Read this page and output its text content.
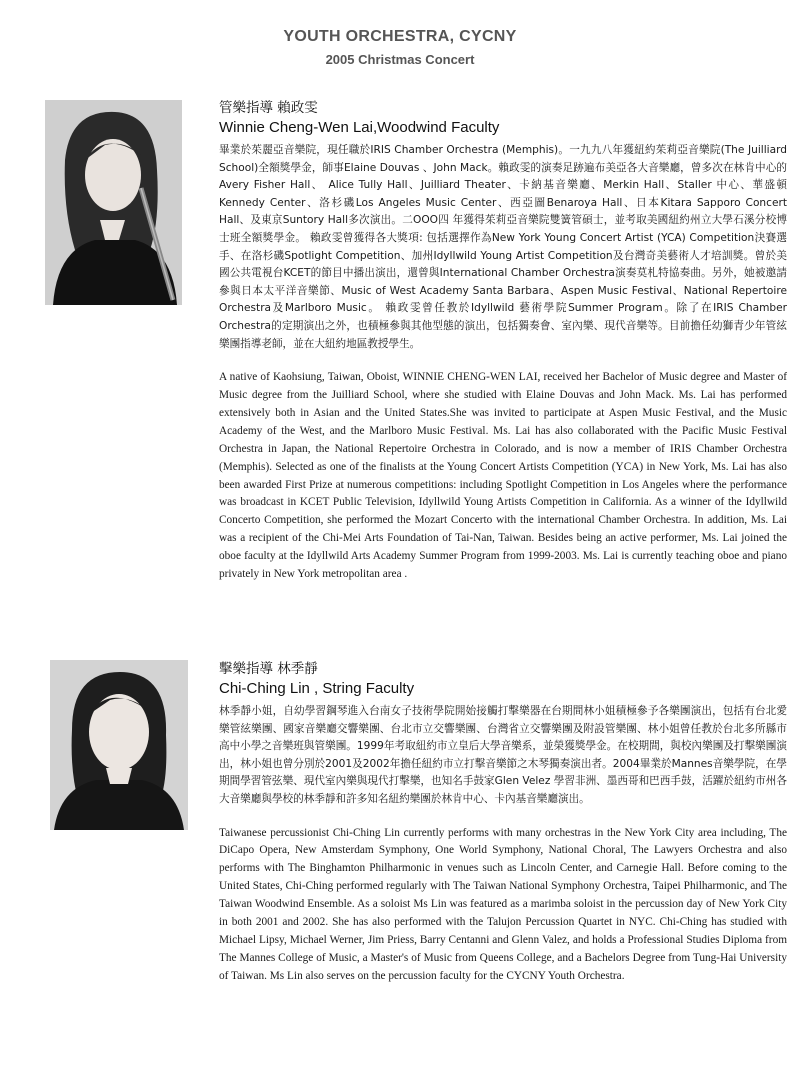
YOUTH ORCHESTRA, CYCNY
2005 Christmas Concert
管樂指導 賴政雯
Winnie Cheng-Wen Lai,Woodwind Faculty
畢業於茱麗亞音樂院，現任職於IRIS Chamber Orchestra (Memphis)。一九九八年獲紐約茱莉亞音樂院(The Juilliard School)全額獎學金，師事Elaine Douvas 、John Mack。賴政雯的演奏足跡遍布美亞各大音樂廳，曾多次在林肯中心的Avery Fisher Hall、 Alice Tully Hall、Juilliard Theater、卡納基音樂廳、Merkin Hall、Staller 中心、華盛頓Kennedy Center、洛杉磯Los Angeles Music Center、西亞圖Benaroya Hall、日本Kitara Sapporo Concert Hall、及東京Suntory Hall多次演出。二OOO四 年獲得茱莉亞音樂院雙簧管碩士，並考取美國紐約州立大學石溪分校博士班全額獎學金。 賴政雯曾獲得各大獎項: 包括選擇作為New York Young Concert Artist (YCA) Competition決賽選手、在洛杉磯Spotlight Competition、加州Idyllwild Young Artist Competition及台灣奇美藝術人才培訓獎。曾於美國公共電視台KCET的節目中播出演出，還曾與International Chamber Orchestra演奏莫札特協奏曲。另外，她被邀請參與日本太平洋音樂節、Music of West Academy Santa Barbara、Aspen Music Festival、National Repertoire Orchestra及Marlboro Music。 賴政雯曾任教於Idyllwild 藝術學院Summer Program。除了在IRIS Chamber Orchestra的定期演出之外，也積極參與其他型態的演出，包括獨奏會、室內樂、現代音樂等。目前擔任幼獅青少年管絃樂團指導老師，並在大紐約地區教授學生。
A native of Kaohsiung, Taiwan, Oboist, WINNIE CHENG-WEN LAI, received her Bachelor of Music degree and Master of Music degree from the Juilliard School, where she studied with Elaine Douvas and John Mack. Ms. Lai has performed extensively both in Asian and the United States.She was invited to participate at Aspen Music Festival, and the Music Academy of the West, and the Marlboro Music Festival. Ms. Lai has also collaborated with the Pacific Music Festival Orchestra in Japan, the National Repertoire Orchestra in Colorado, and is now a member of IRIS Chamber Orchestra (Memphis). Selected as one of the finalists at the Young Concert Artists Competition (YCA) in New York, Ms. Lai has also been awarded First Prize at numerous competitions: including Spotlight Competition in Los Angeles where the performance was broadcast in KCET Public Television, Idyllwild Young Artists Competition in California. As a winner of the Idyllwild Concerto Competition, she performed the Mozart Concerto with the international Chamber Orchestra. In addition, Ms. Lai was a recipient of the Chi-Mei Arts Foundation of Tai-Nan, Taiwan. Besides being an active performer, Ms. Lai joined the oboe faculty at the Idyllwild Arts Academy Summer Program from 1999-2003. Ms. Lai is currently teaching oboe and piano privately in New York metropolitan area .
擊樂指導 林季靜
Chi-Ching Lin , String Faculty
林季靜小姐，自幼學習鋼琴進入台南女子技術學院開始接觸打擊樂器在台期間林小姐積極參予各樂團演出，包括有台北愛樂管絃樂團、國家音樂廳交響樂團、台北市立交響樂團、台灣省立交響樂團及附設管樂團、林小姐曾任教於台北多所縣市高中小學之音樂班與管樂團。1999年考取紐約市立皇后大學音樂系，並榮獲獎學金。在校期間，與校內樂團及打擊樂團演出，林小姐也曾分別於2001及2002年擔任紐約市立打擊音樂節之木琴獨奏演出者。2004畢業於Mannes音樂學院，在學期間學習管弦樂、現代室內樂與現代打擊樂，也知名手鼓家Glen Velez 學習非洲、墨西哥和巴西手鼓，活躍於紐約市州各大音樂廳與學校的林季靜和許多知名紐約樂團於林肯中心、卡內基音樂廳演出。
Taiwanese percussionist Chi-Ching Lin currently performs with many orchestras in the New York City area including, The DiCapo Opera, New Amsterdam Symphony, One World Symphony, National Choral, The Lawyers Orchestra and also performs with The Binghamton Philharmonic in venues such as Lincoln Center, and Carnegie Hall. Before coming to the United States, Chi-Ching performed regularly with The Taiwan National Symphony Orchestra, Taipei Philharmonic, and The Taiwan Woodwind Ensemble. As a soloist Ms Lin was featured as a marimba soloist in the percussion day of New York City in both 2001 and 2002. She has also performed with the Talujon Percussion Quartet in NYC. Chi-Ching has studied with Michael Lipsy, Michael Werner, Jim Priess, Barry Centanni and Glenn Valez, and holds a Professional Studies Diploma from The Mannes College of Music, a Master's of Music from Queens College, and a Bachelors Degree from Tung-Hai University of Taiwan. Ms Lin also serves on the percussion faculty for the CYCNY Youth Orchestra.
